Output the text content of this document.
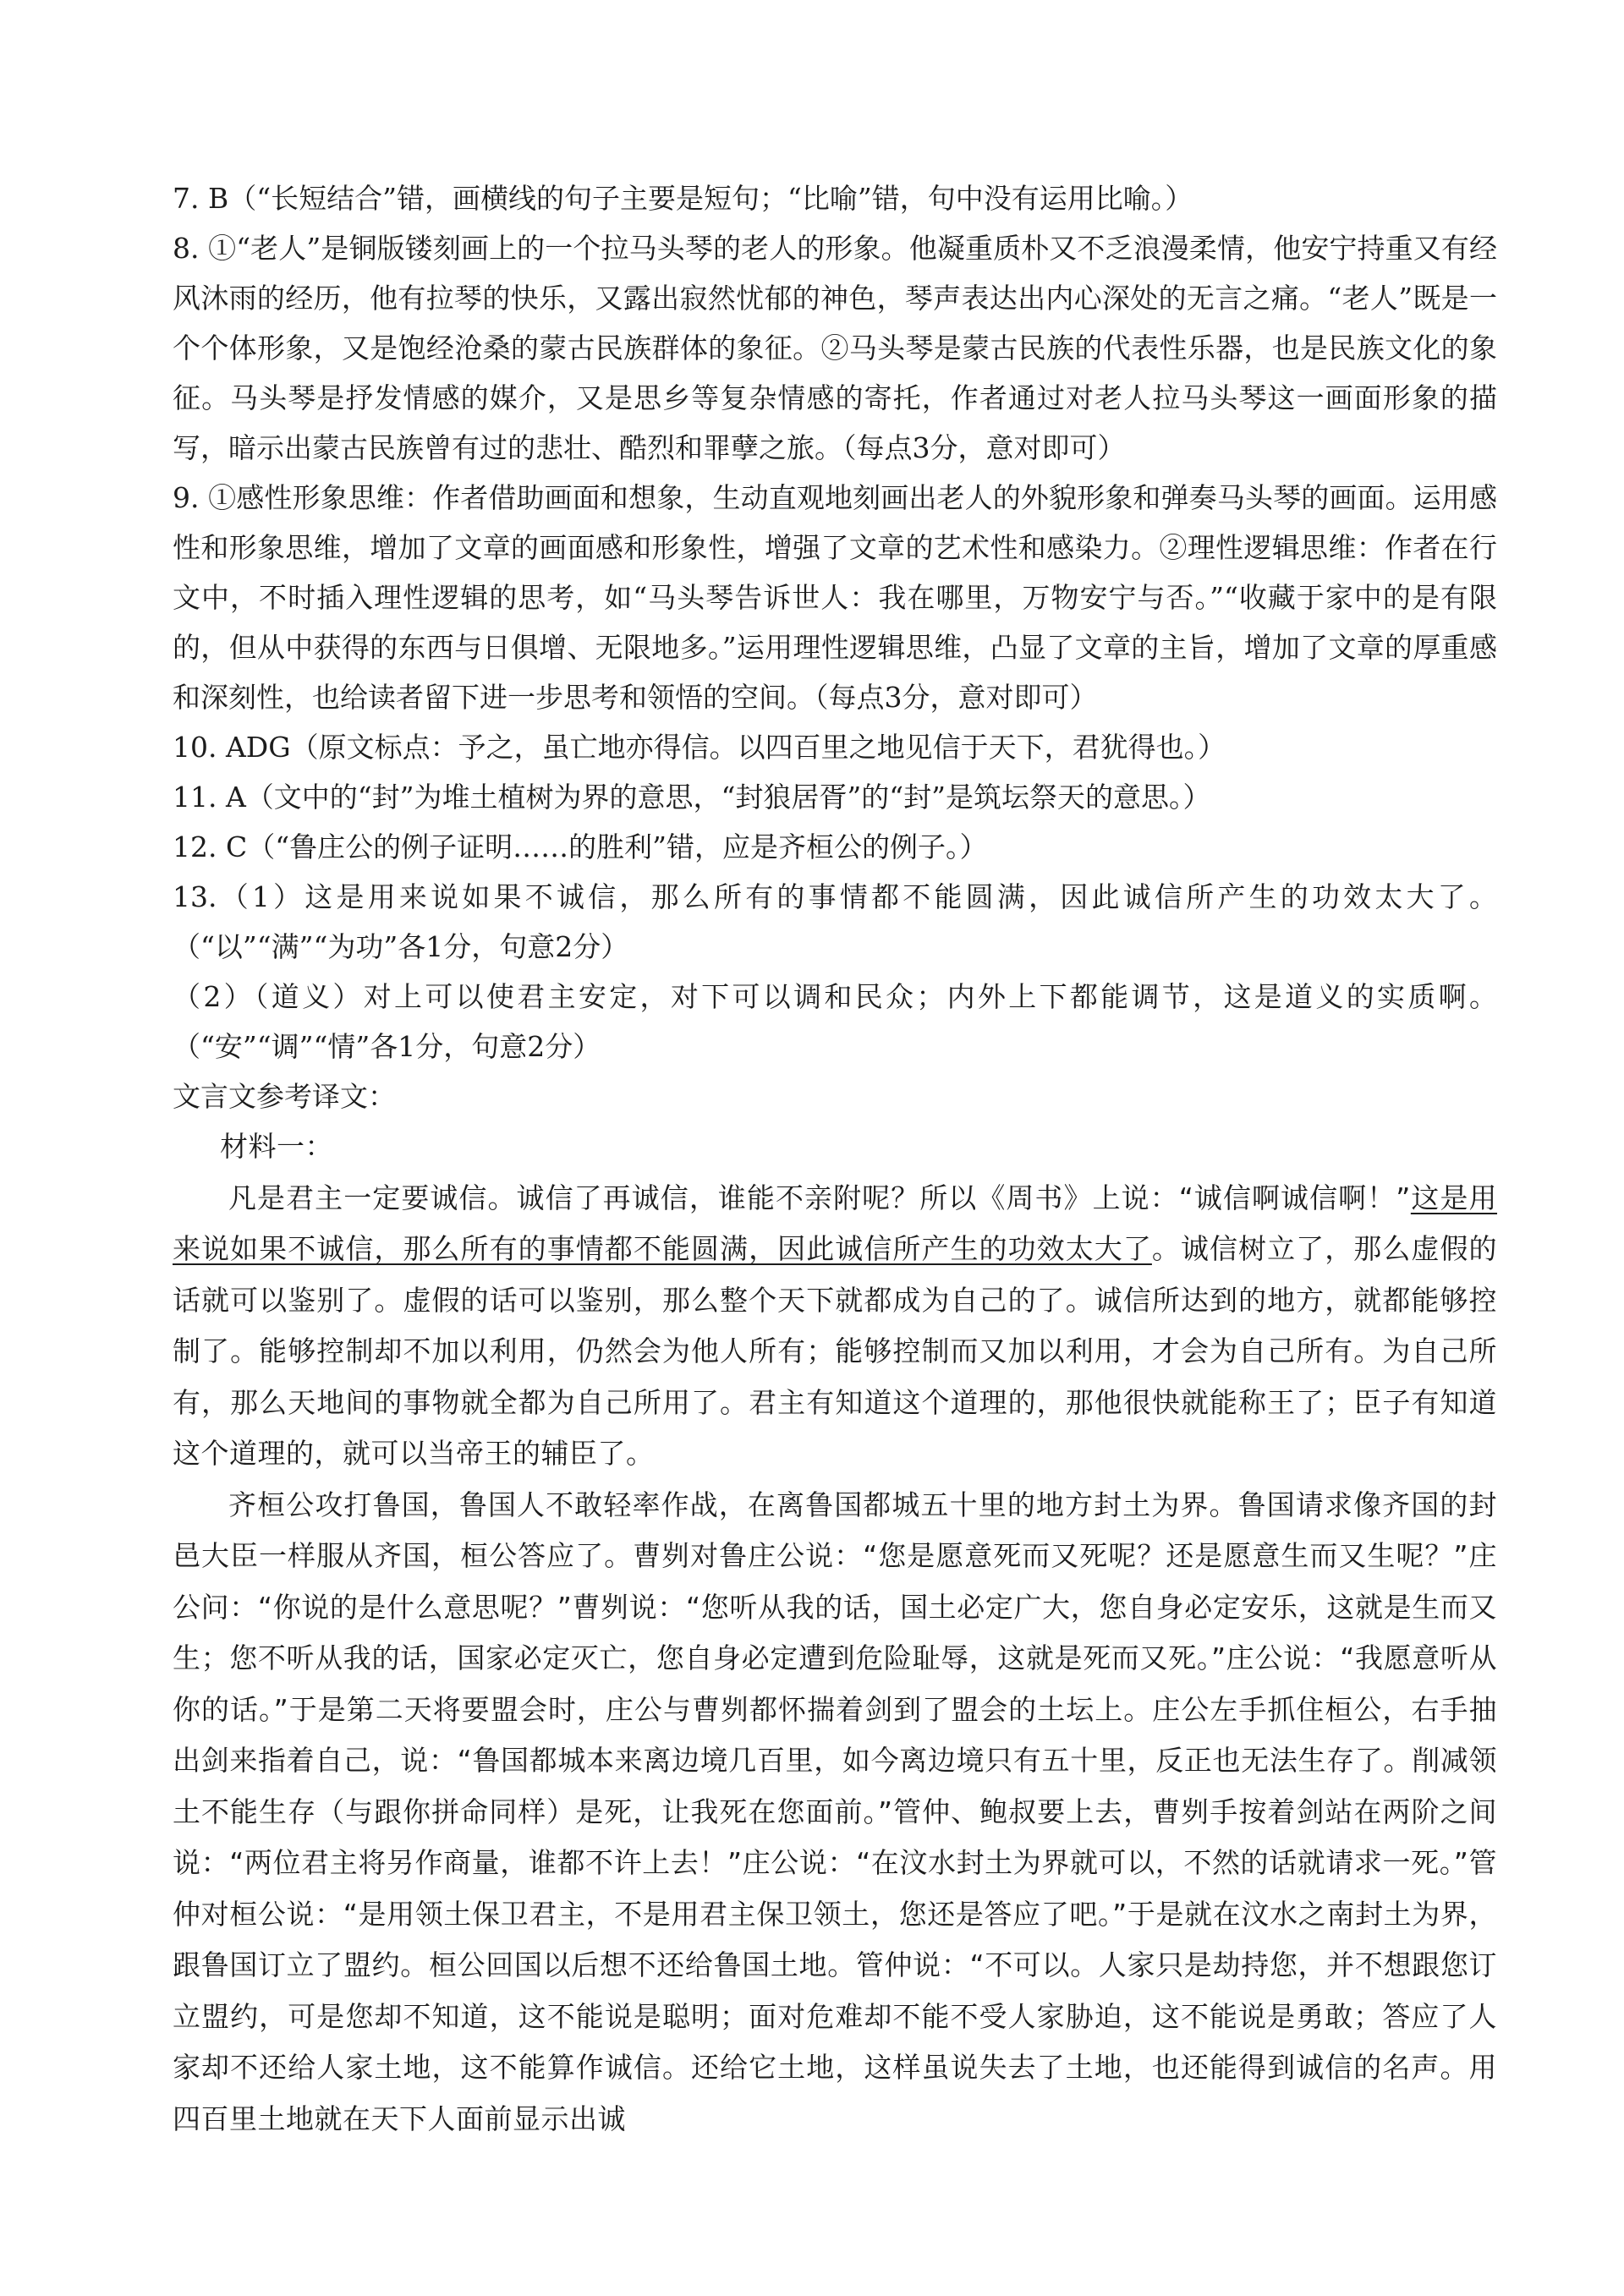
7. B（“长短结合”错，画横线的句子主要是短句；“比喻”错，句中没有运用比喻。）

8. ①“老人”是铜版镂刻画上的一个拉马头琴的老人的形象。他凝重质朴又不乏浪漫柔情，他安宁持重又有经风沐雨的经历，他有拉琴的快乐，又露出寂然忧郁的神色，琴声表达出内心深处的无言之痛。“老人”既是一个个体形象，又是饱经沧桑的蒙古民族群体的象征。②马头琴是蒙古民族的代表性乐器，也是民族文化的象征。马头琴是抒发情感的媒介，又是思乡等复杂情感的寄托，作者通过对老人拉马头琴这一画面形象的描写，暗示出蒙古民族曾有过的悲壮、酷烈和罪孽之旅。（每点3分，意对即可）

9. ①感性形象思维：作者借助画面和想象，生动直观地刻画出老人的外貌形象和弹奏马头琴的画面。运用感性和形象思维，增加了文章的画面感和形象性，增强了文章的艺术性和感染力。②理性逻辑思维：作者在行文中，不时插入理性逻辑的思考，如“马头琴告诉世人：我在哪里，万物安宁与否。”“收藏于家中的是有限的，但从中获得的东西与日俱增、无限地多。”运用理性逻辑思维，凸显了文章的主旨，增加了文章的厚重感和深刻性，也给读者留下进一步思考和领悟的空间。（每点3分，意对即可）

10. ADG（原文标点：予之，虽亡地亦得信。以四百里之地见信于天下，君犹得也。）

11. A（文中的“封”为堆土植树为界的意思，“封狼居胥”的“封”是筑坛祭天的意思。）

12. C（“鲁庄公的例子证明……的胜利”错，应是齐桓公的例子。）

13.（1）这是用来说如果不诚信，那么所有的事情都不能圆满，因此诚信所产生的功效太大了。（“以”“满”“为功”各1分，句意2分）

（2）（道义）对上可以使君主安定，对下可以调和民众；内外上下都能调节，这是道义的实质啊。（“安”“调”“情”各1分，句意2分）

文言文参考译文：

材料一：

凡是君主一定要诚信。诚信了再诚信，谁能不亲附呢？所以《周书》上说：“诚信啊诚信啊！”这是用来说如果不诚信，那么所有的事情都不能圆满，因此诚信所产生的功效太大了。诚信树立了，那么虚假的话就可以鉴别了。虚假的话可以鉴别，那么整个天下就都成为自己的了。诚信所达到的地方，就都能够控制了。能够控制却不加以利用，仍然会为他人所有；能够控制而又加以利用，才会为自己所有。为自己所有，那么天地间的事物就全都为自己所用了。君主有知道这个道理的，那他很快就能称王了；臣子有知道这个道理的，就可以当帝王的辅臣了。

齐桓公攻打鲁国，鲁国人不敢轻率作战，在离鲁国都城五十里的地方封土为界。鲁国请求像齐国的封邑大臣一样服从齐国，桓公答应了。曹刿对鲁庄公说：“您是愿意死而又死呢？还是愿意生而又生呢？”庄公问：“你说的是什么意思呢？”曹刿说：“您听从我的话，国土必定广大，您自身必定安乐，这就是生而又生；您不听从我的话，国家必定灭亡，您自身必定遭到危险耻辱，这就是死而又死。”庄公说：“我愿意听从你的话。”于是第二天将要盟会时，庄公与曹刿都怀揣着剑到了盟会的土坛上。庄公左手抓住桓公，右手抽出剑来指着自己，说：“鲁国都城本来离边境几百里，如今离边境只有五十里，反正也无法生存了。削减领土不能生存（与跟你拼命同样）是死，让我死在您面前。”管仲、鲍叔要上去，曹刿手按着剑站在两阶之间说：“两位君主将另作商量，谁都不许上去！”庄公说：“在汶水封土为界就可以，不然的话就请求一死。”管仲对桓公说：“是用领土保卫君主，不是用君主保卫领土，您还是答应了吧。”于是就在汶水之南封土为界，跟鲁国订立了盟约。桓公回国以后想不还给鲁国土地。管仲说：“不可以。人家只是劫持您，并不想跟您订立盟约，可是您却不知道，这不能说是聪明；面对危难却不能不受人家胁迫，这不能说是勇敢；答应了人家却不还给人家土地，这不能算作诚信。还给它土地，这样虽说失去了土地，也还能得到诚信的名声。用四百里土地就在天下人面前显示出诚
